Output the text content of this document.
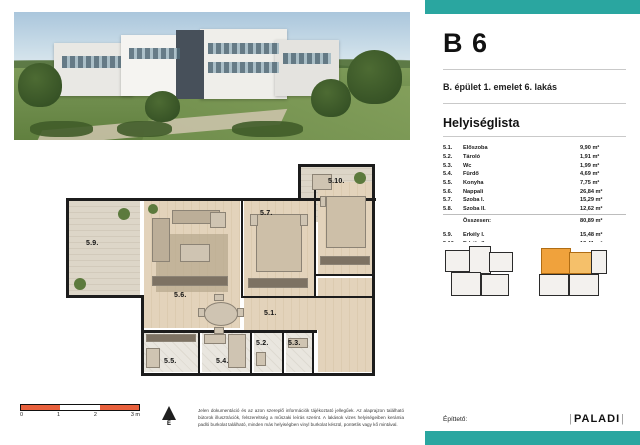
5.9.
5.10.
5.6.
5.7.
5.5.	5.4.
5.1.
5.2.	5.3.
0	1	2	3 m
É
Jelen dokumentáció és az azon szereplő információk tájékoztató jellegűek. Az alaprajzon található bútorok illusztrációk, felszereltség a műszaki leírás szerint. A lakások vizes helyiségeiben kerámia padló burkolat található, minden más helyiségben vinyl burkolat készül, pontetlis vagy kő mintával.
B 6
B. épület 1. emelet 6. lakás
Helyiséglista
5.1.	Előszoba	9,90 m²
5.2.	Tároló	1,91 m²
5.3.	Wc	1,99 m²
5.4.	Fürdő	4,69 m²
5.5.	Konyha	7,75 m²
5.6.	Nappali	26,84 m²
5.7.	Szoba I.	15,29 m²
5.8.	Szoba II.	12,62 m²
	Összesen:	80,89 m²

5.9.	Erkély I.	15,48 m²

Építtető:	| PALADI |
